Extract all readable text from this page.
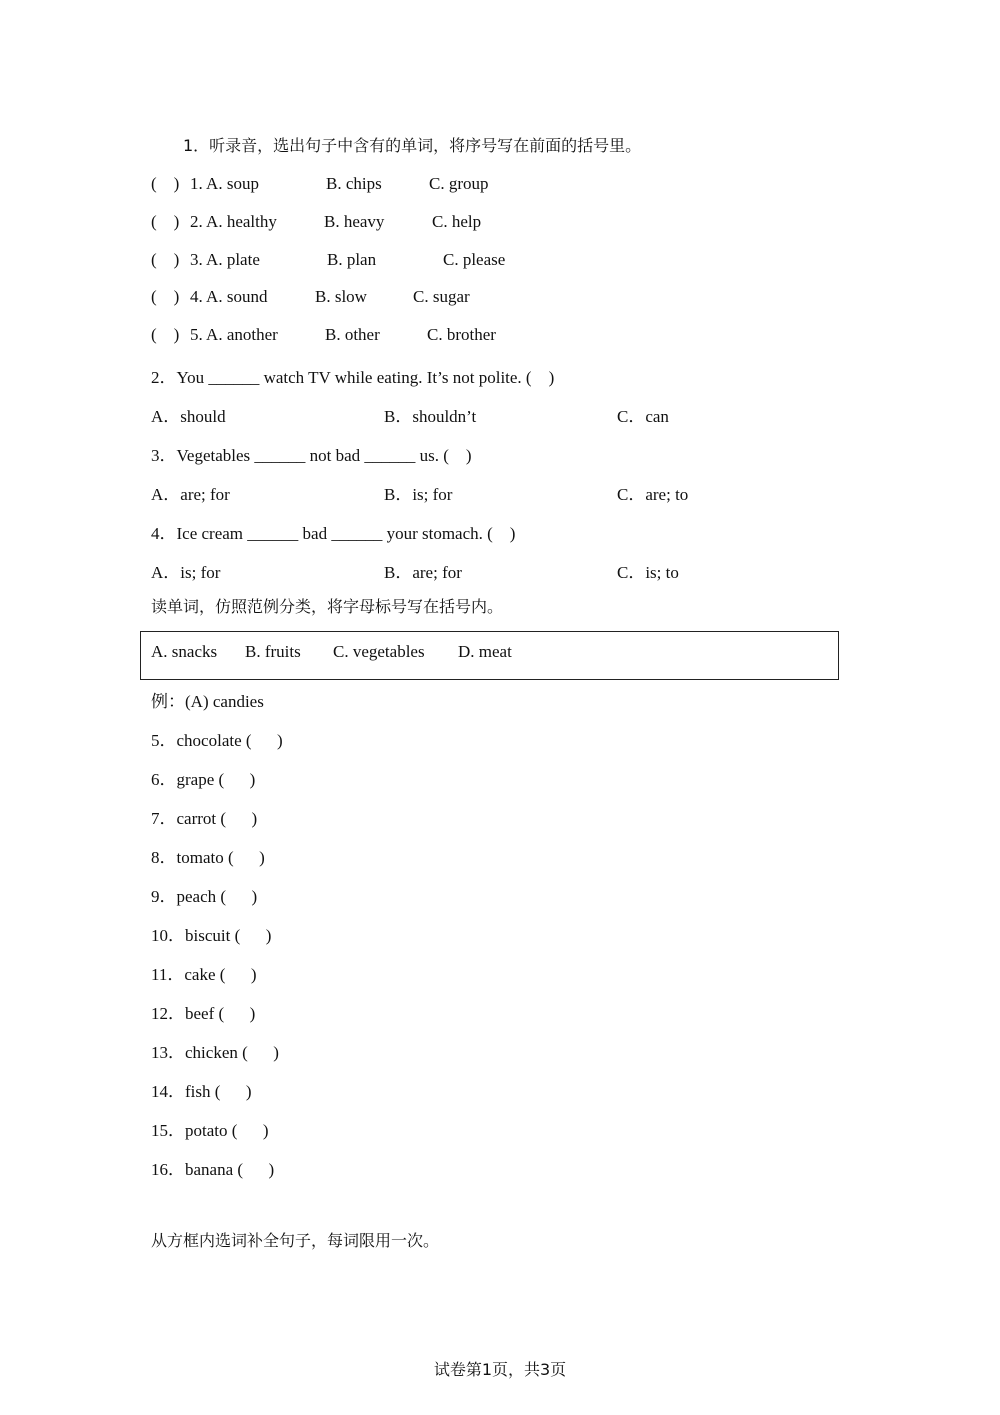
1．听录音，选出句子中含有的单词，将序号写在前面的括号里。
(    ) 1. A. soup	B. chips	C. group
(    ) 2. A. healthy	B. heavy	C. help
(    ) 3. A. plate	B. plan	C. please
(    ) 4. A. sound	B. slow	C. sugar
(    ) 5. A. another	B. other	C. brother
2．You ______ watch TV while eating. It’s not polite. (    )
A．should	B．shouldn’t	C．can
3．Vegetables ______ not bad ______ us. (    )
A．are; for	B．is; for	C．are; to
4．Ice cream ______ bad ______ your stomach. (    )
A．is; for	B．are; for	C．is; to
读单词，仿照范例分类，将字母标号写在括号内。
A. snacks B. fruits C. vegetables D. meat
例：(A) candies
5．chocolate (      )
6．grape (      )
7．carrot (      )
8．tomato (      )
9．peach (      )
10．biscuit (      )
11．cake (      )
12．beef (      )
13．chicken (      )
14．fish (      )
15．potato (      )
16．banana (      )
从方框内选词补全句子，每词限用一次。
试卷第1页，共3页
